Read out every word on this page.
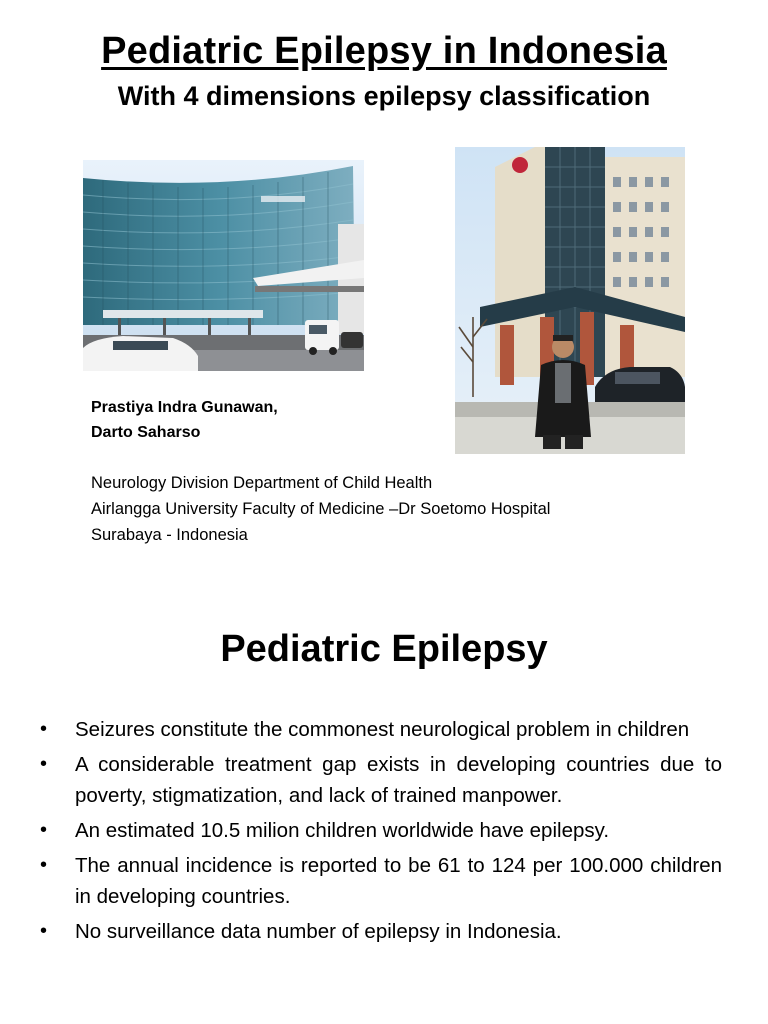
Pediatric Epilepsy in Indonesia
With 4 dimensions epilepsy classification
Prastiya Indra Gunawan,
Darto Saharso
Neurology Division Department of Child Health
Airlangga University Faculty of Medicine –Dr Soetomo Hospital
Surabaya - Indonesia
Pediatric Epilepsy
• Seizures constitute the commonest neurological problem in children
• A considerable treatment gap exists in developing countries due to poverty, stigmatization, and lack of trained manpower.
• An estimated 10.5 milion children worldwide have epilepsy.
• The annual incidence is reported to be 61 to 124 per 100.000 children in developing countries.
• No surveillance data number of epilepsy in Indonesia.
